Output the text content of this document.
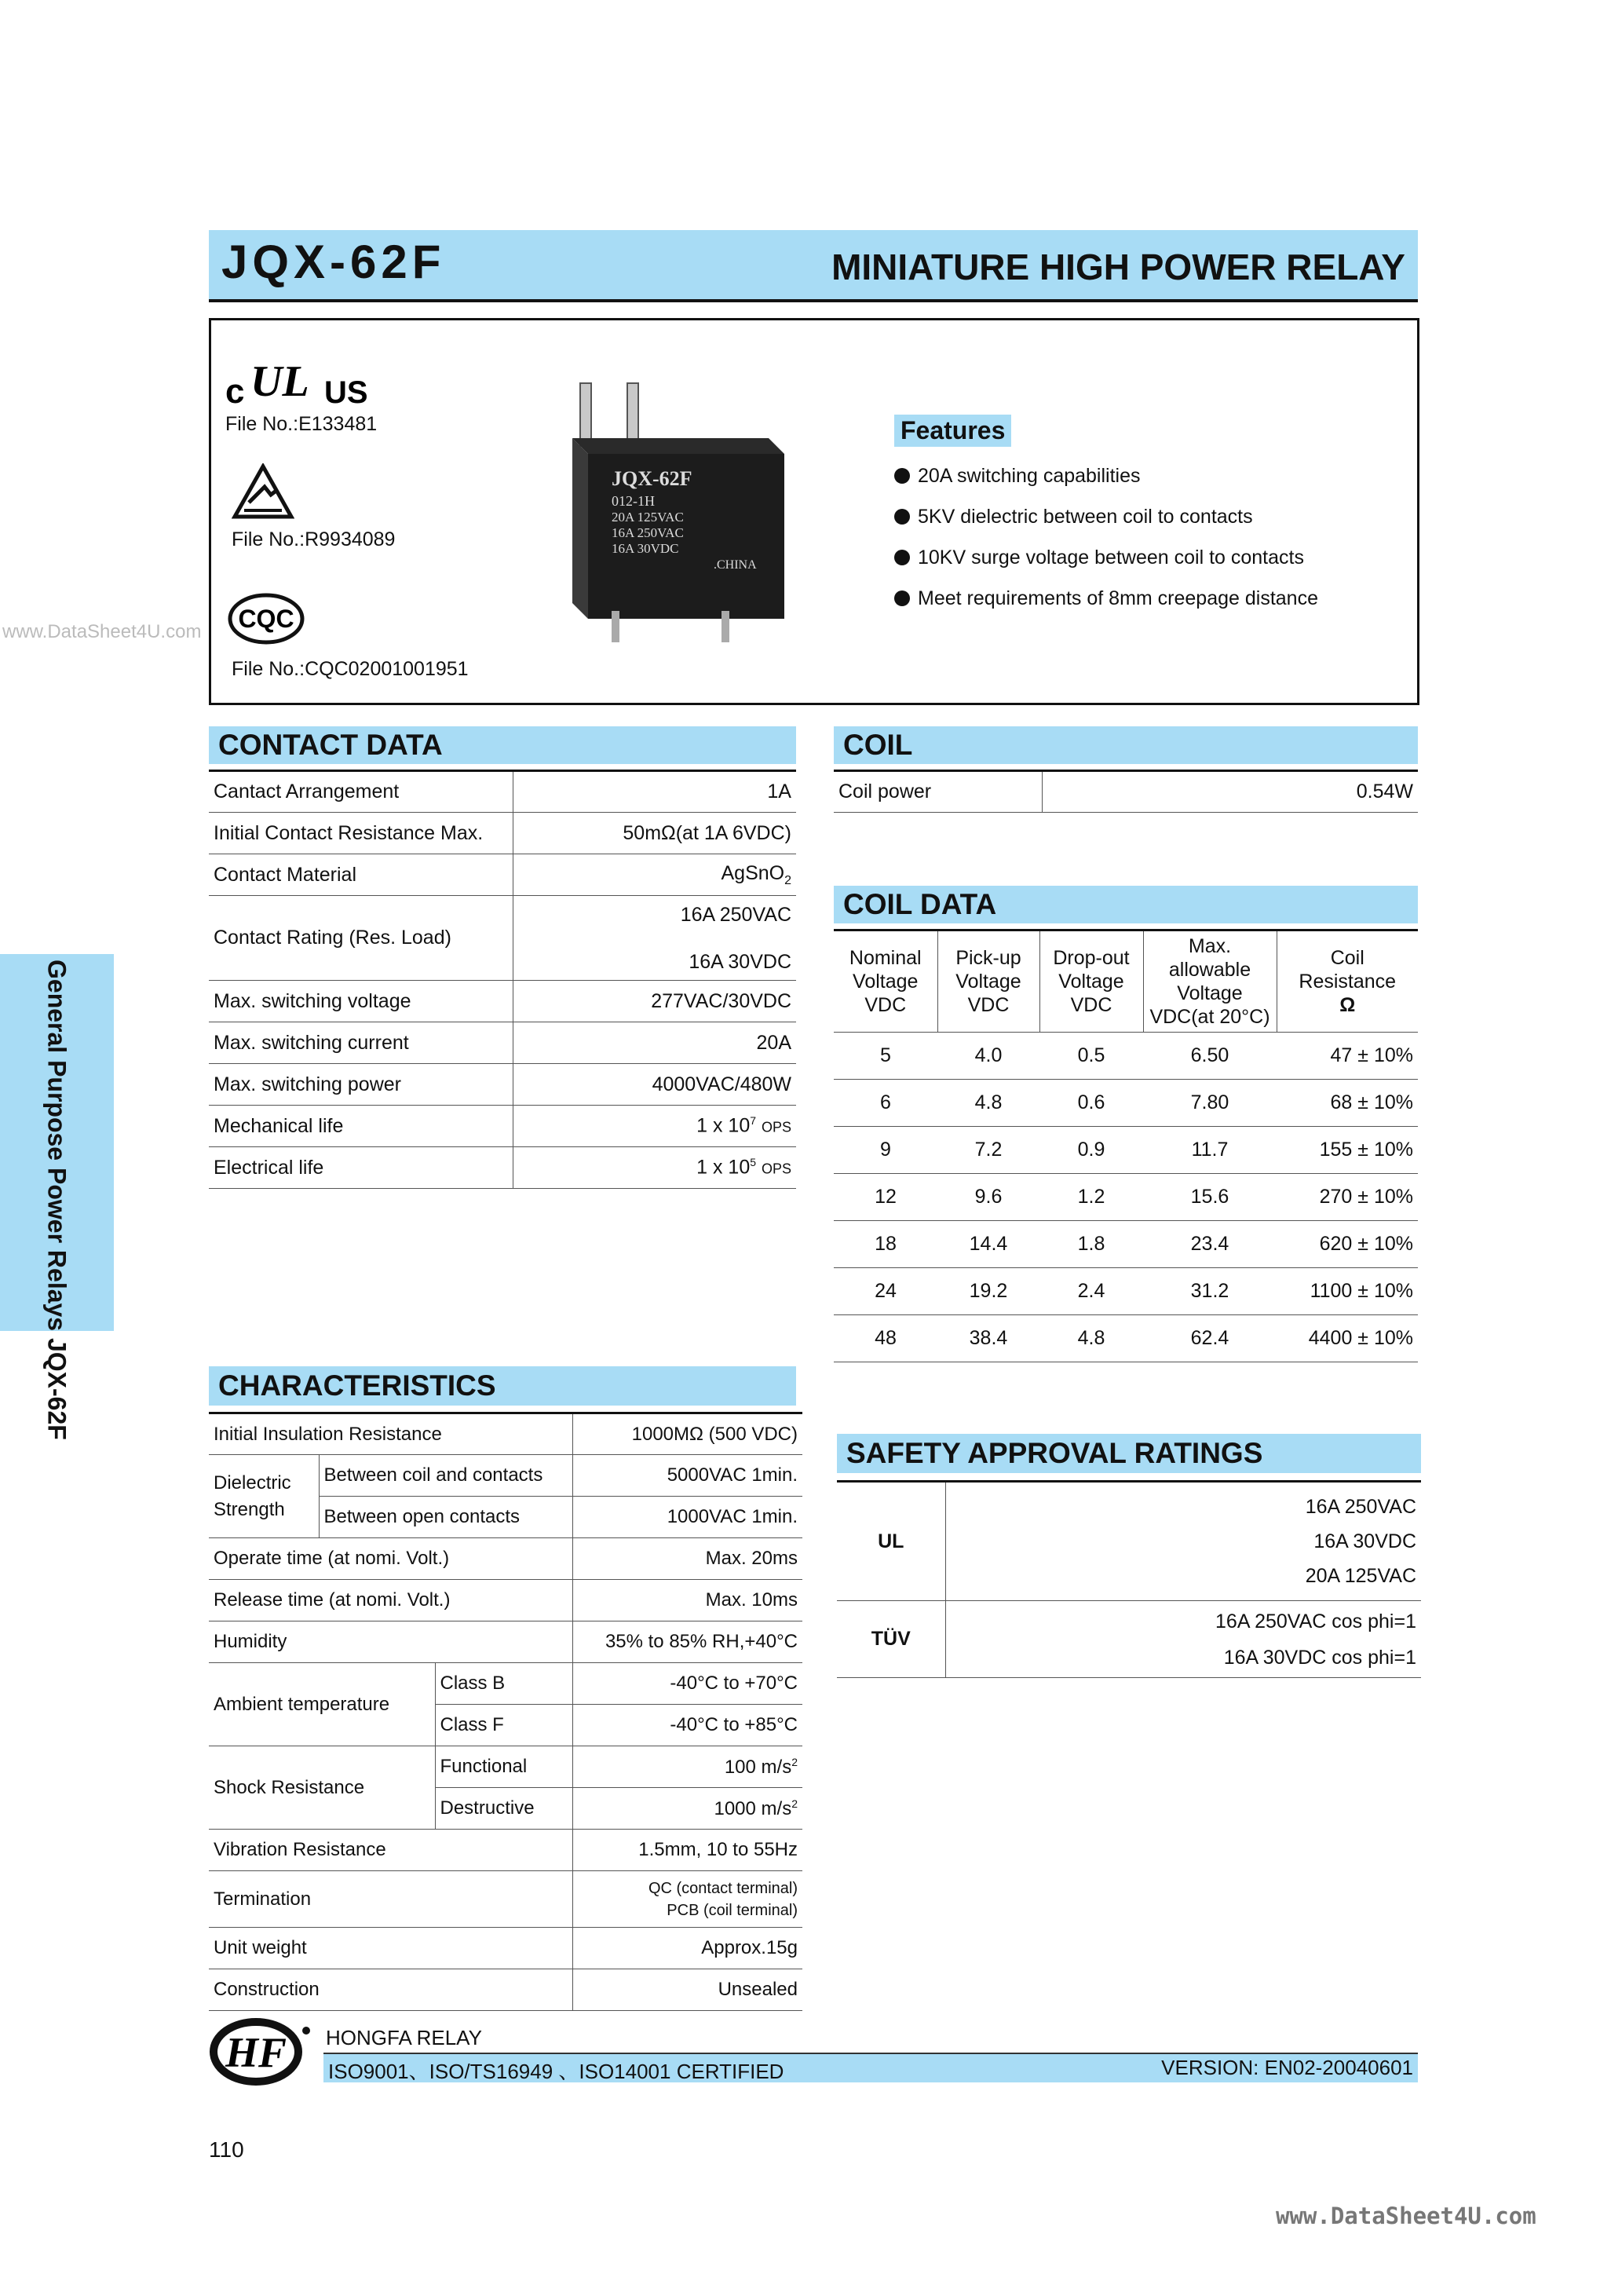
JQX-62F	MINIATURE HIGH POWER RELAY
c UL US
File No.:E133481
File No.:R9934089
CQC
www.DataSheet4U.com
File No.:CQC02001001951
JQX-62F
012-1H
20A 125VAC
16A 250VAC
16A 30VDC
.CHINA
Features
20A switching capabilities
5KV dielectric between coil to contacts
10KV surge voltage between coil to contacts
Meet requirements of 8mm creepage distance
General Purpose Power Relays JQX-62F
CONTACT DATA
Cantact Arrangement	1A
Initial Contact Resistance Max.	50mΩ(at 1A 6VDC)
Contact Material	AgSnO$_2$
Contact Rating (Res. Load)	16A 250VAC
16A 30VDC

Max. switching voltage	277VAC/30VDC
Max. switching current	20A
Max. switching power	4000VAC/480W
Mechanical life	1 x $10^7$ OPS
Electrical life	1 x $10^5$ OPS
COIL
Coil power	0.54W
COIL DATA
Nominal
Voltage
VDC	Pick-up
Voltage
VDC	Drop-out
Voltage
VDC	Max.
allowable
Voltage
VDC(at 20°C)	Coil
Resistance
Ω
5	4.0	0.5	6.50	47 ± 10%
6	4.8	0.6	7.80	68 ± 10%
9	7.2	0.9	11.7	155 ± 10%
12	9.6	1.2	15.6	270 ± 10%
18	14.4	1.8	23.4	620 ± 10%
24	19.2	2.4	31.2	1100 ± 10%
48	38.4	4.8	62.4	4400 ± 10%
CHARACTERISTICS
Initial Insulation Resistance			1000MΩ (500 VDC)
Dielectric
Strength	Between coil and contacts		5000VAC 1min.
	Between open contacts		1000VAC 1min.
Operate time (at nomi. Volt.)			Max. 20ms
Release time (at nomi. Volt.)			Max. 10ms
Humidity			35% to 85% RH,+40°C
Ambient temperature		Class B	-40°C to +70°C
		Class F	-40°C to +85°C
Shock Resistance		Functional	100 $m/s^2$
		Destructive	1000 $m/s^2$
Vibration Resistance			1.5mm, 10 to 55Hz
Termination			QC (contact terminal)
PCB (coil terminal)
Unit weight			Approx.15g
Construction			Unsealed
SAFETY APPROVAL RATINGS
UL	16A 250VAC
16A 30VDC
20A 125VAC
TÜV	16A 250VAC cos phi=1
16A 30VDC cos phi=1
HF HONGFA RELAY
ISO9001、ISO/TS16949 、ISO14001 CERTIFIED	VERSION: EN02-20040601
110
www.DataSheet4U.com
